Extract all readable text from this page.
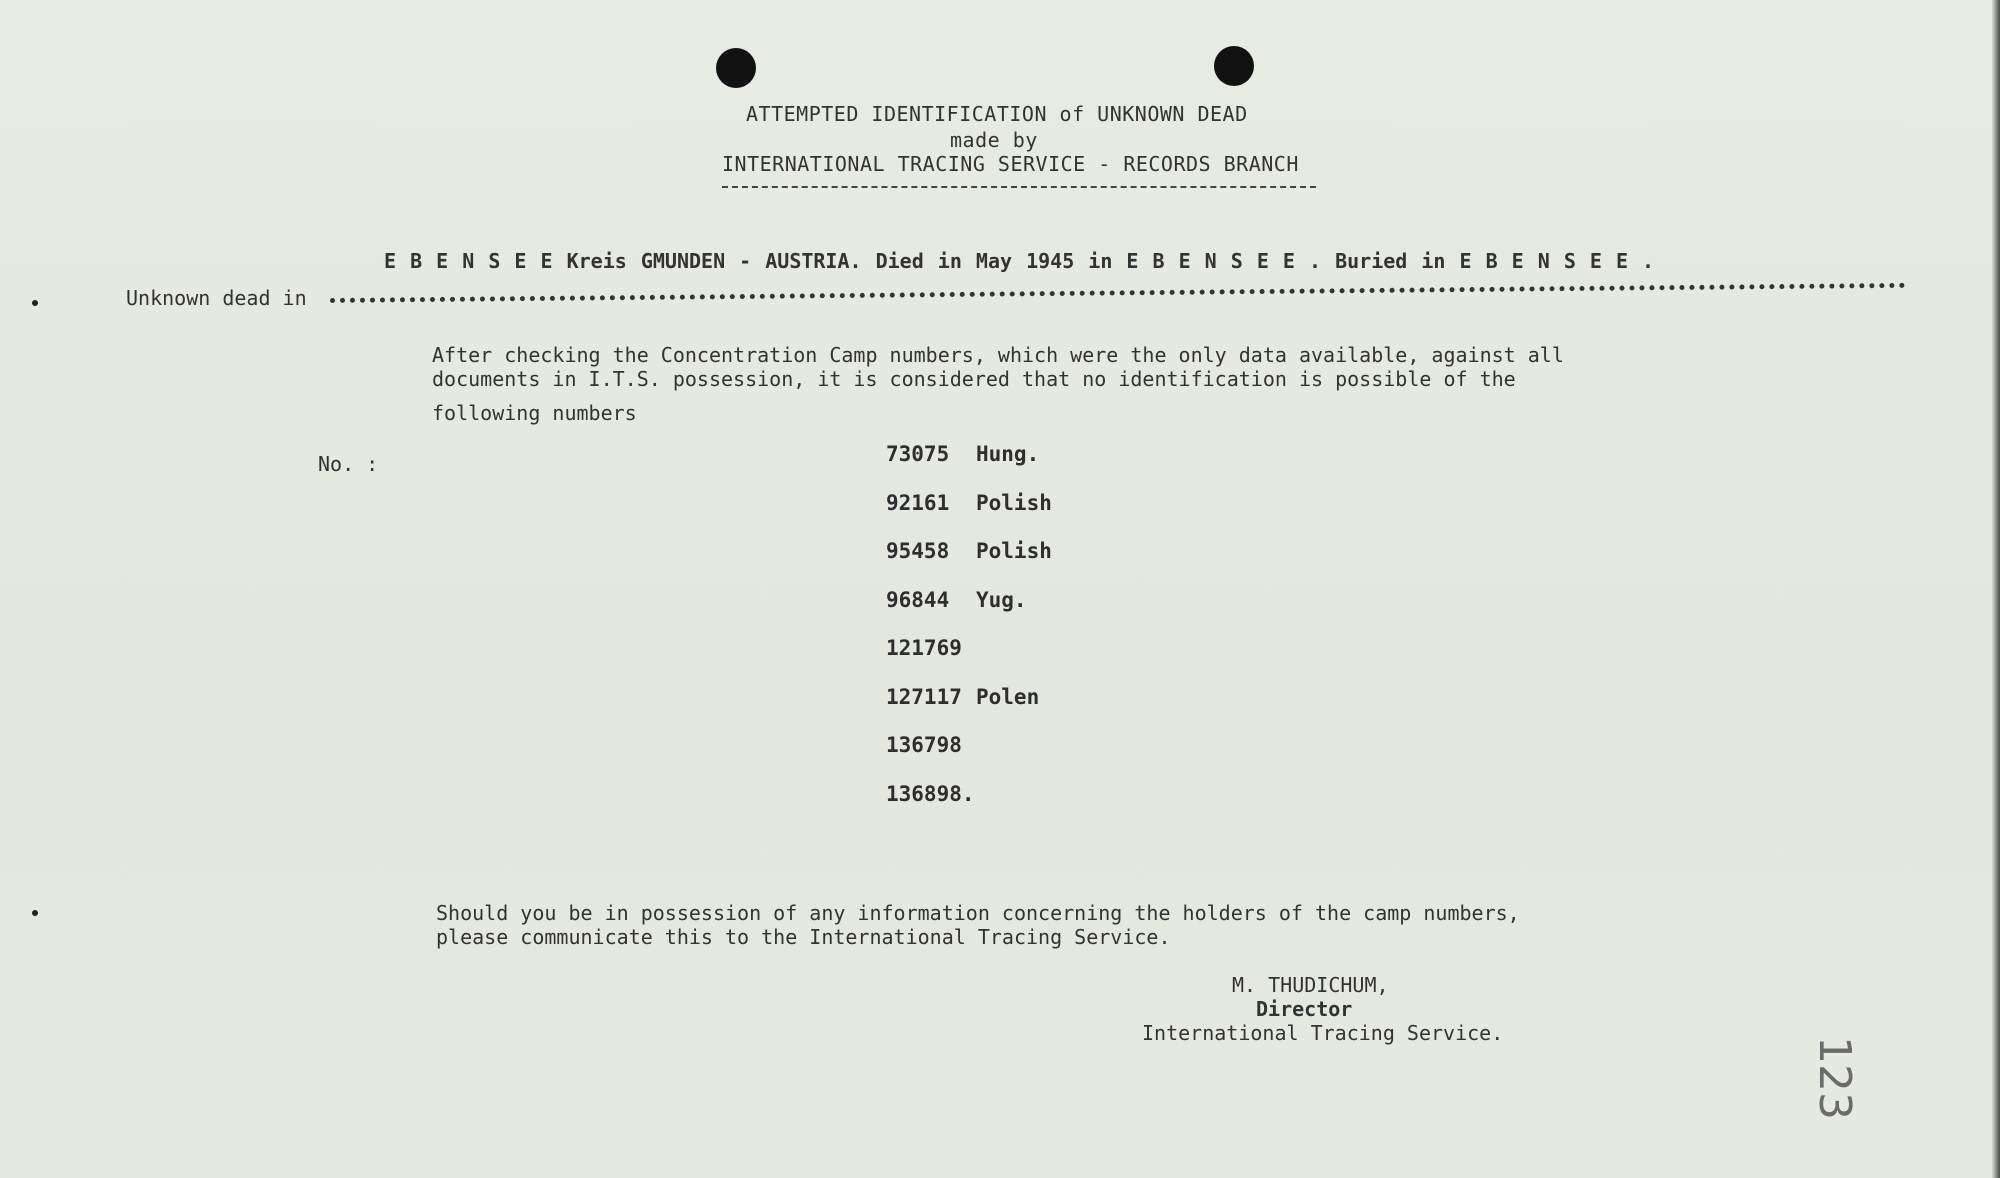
ATTEMPTED IDENTIFICATION of UNKNOWN DEAD
made by
INTERNATIONAL TRACING SERVICE - RECORDS BRANCH
E B E N S E E Kreis GMUNDEN - AUSTRIA. Died in May 1945 in E B E N S E E . Buried in E B E N S E E .
Unknown dead in
After checking the Concentration Camp numbers, which were the only data available, against all
documents in I.T.S. possession, it is considered that no identification is possible of the
following numbers
No. :	73075 Hung.
92161 Polish
95458 Polish
96844 Yug.
121769
127117 Polen
136798
136898.
Should you be in possession of any information concerning the holders of the camp numbers,
please communicate this to the International Tracing Service.
M. THUDICHUM,
Director
International Tracing Service.
123
